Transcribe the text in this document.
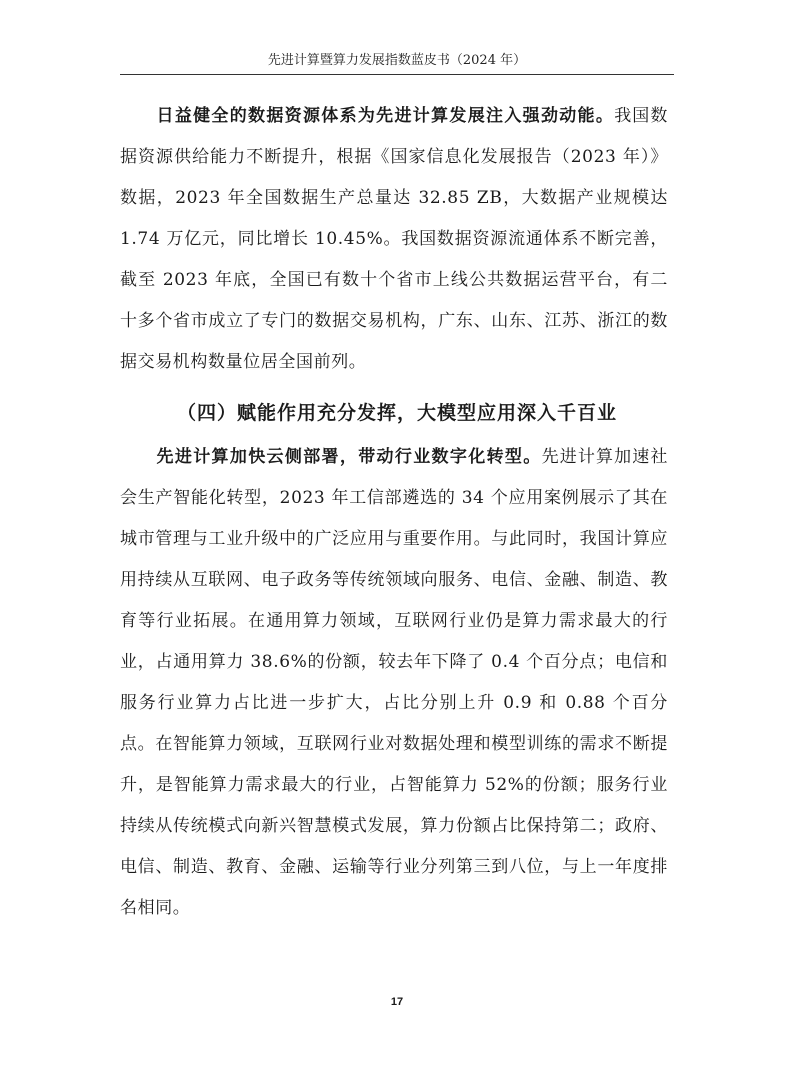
先进计算暨算力发展指数蓝皮书（2024 年）
日益健全的数据资源体系为先进计算发展注入强劲动能。我国数据资源供给能力不断提升，根据《国家信息化发展报告（2023 年）》数据，2023 年全国数据生产总量达 32.85 ZB，大数据产业规模达 1.74 万亿元，同比增长 10.45%。我国数据资源流通体系不断完善，截至 2023 年底，全国已有数十个省市上线公共数据运营平台，有二十多个省市成立了专门的数据交易机构，广东、山东、江苏、浙江的数据交易机构数量位居全国前列。
（四）赋能作用充分发挥，大模型应用深入千百业
先进计算加快云侧部署，带动行业数字化转型。先进计算加速社会生产智能化转型，2023 年工信部遴选的 34 个应用案例展示了其在城市管理与工业升级中的广泛应用与重要作用。与此同时，我国计算应用持续从互联网、电子政务等传统领域向服务、电信、金融、制造、教育等行业拓展。在通用算力领域，互联网行业仍是算力需求最大的行业，占通用算力 38.6%的份额，较去年下降了 0.4 个百分点；电信和服务行业算力占比进一步扩大，占比分别上升 0.9 和 0.88 个百分点。在智能算力领域，互联网行业对数据处理和模型训练的需求不断提升，是智能算力需求最大的行业，占智能算力 52%的份额；服务行业持续从传统模式向新兴智慧模式发展，算力份额占比保持第二；政府、电信、制造、教育、金融、运输等行业分列第三到八位，与上一年度排名相同。
17
